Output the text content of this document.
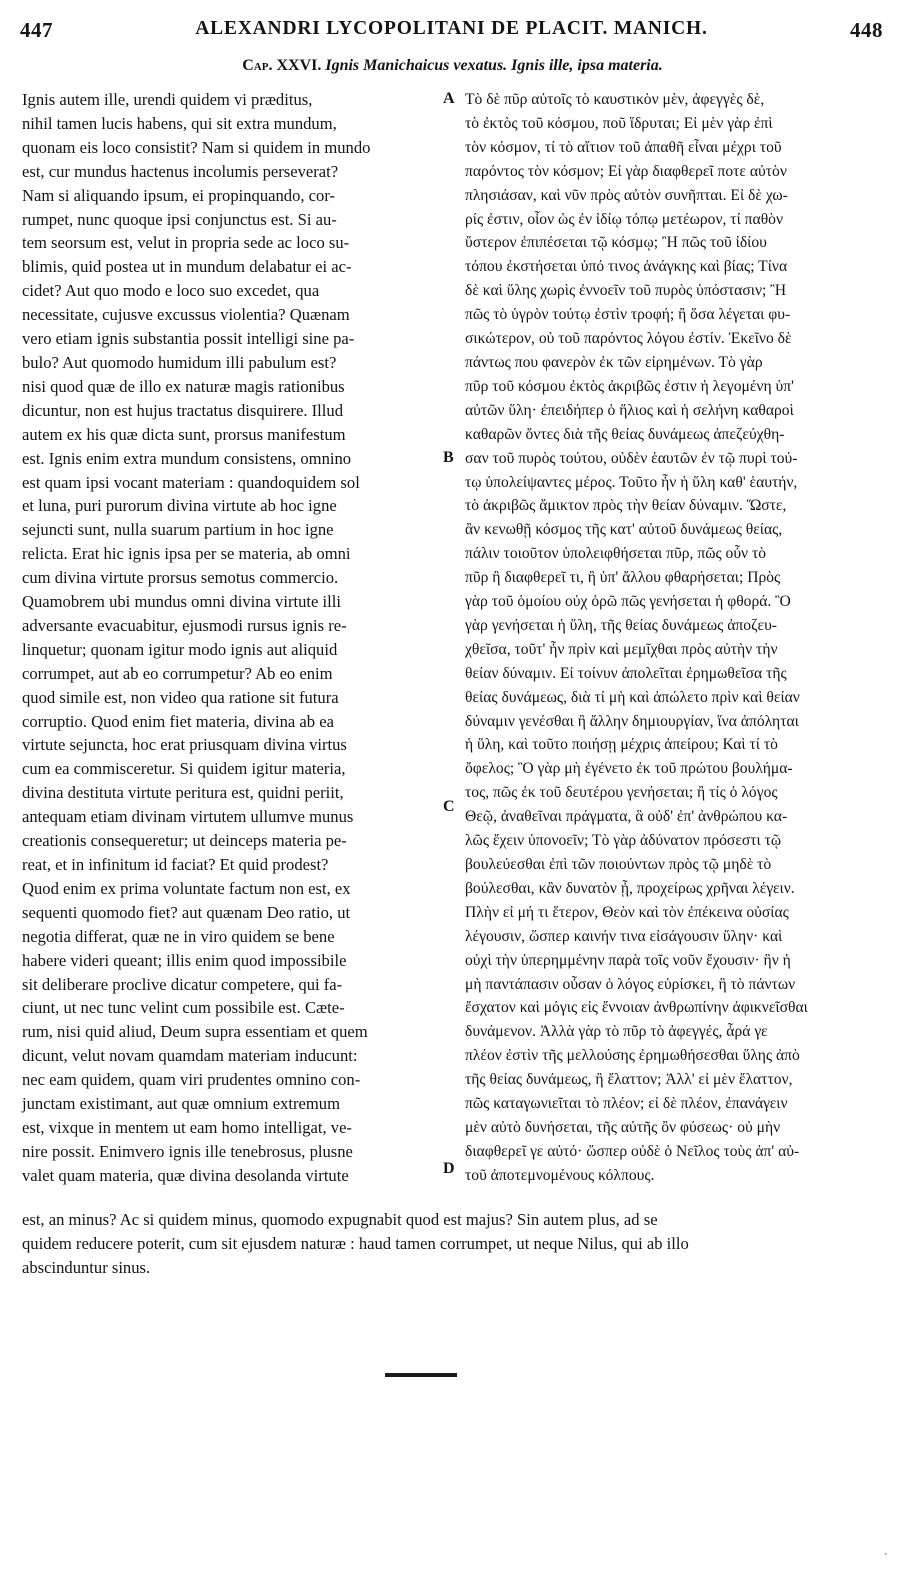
447	ALEXANDRI LYCOPOLITANI DE PLACIT. MANICH.	448
Cap. XXVI. Ignis Manichaicus vexatus. Ignis ille, ipsa materia.
Ignis autem ille, urendi quidem vi præditus,
nihil tamen lucis habens, qui sit extra mundum,
quonam eis loco consistit? Nam si quidem in mundo
est, cur mundus hactenus incolumis perseverat?
Nam si aliquando ipsum, ei propinquando, cor-
rumpet, nunc quoque ipsi conjunctus est. Si au-
tem seorsum est, velut in propria sede ac loco su-
blimis, quid postea ut in mundum delabatur ei ac-
cidet? Aut quo modo e loco suo excedet, qua
necessitate, cujusve excussus violentia? Quænam
vero etiam ignis substantia possit intelligi sine pa-
bulo? Aut quomodo humidum illi pabulum est?
nisi quod quæ de illo ex naturæ magis rationibus
dicuntur, non est hujus tractatus disquirere. Illud
autem ex his quæ dicta sunt, prorsus manifestum
est. Ignis enim extra mundum consistens, omnino
est quam ipsi vocant materiam : quandoquidem sol
et luna, puri purorum divina virtute ab hoc igne
sejuncti sunt, nulla suarum partium in hoc igne
relicta. Erat hic ignis ipsa per se materia, ab omni
cum divina virtute prorsus semotus commercio.
Quamobrem ubi mundus omni divina virtute illi
adversante evacuabitur, ejusmodi rursus ignis re-
linquetur; quonam igitur modo ignis aut aliquid
corrumpet, aut ab eo corrumpetur? Ab eo enim
quod simile est, non video qua ratione sit futura
corruptio. Quod enim fiet materia, divina ab ea
virtute sejuncta, hoc erat priusquam divina virtus
cum ea commisceretur. Si quidem igitur materia,
divina destituta virtute peritura est, quidni periit,
antequam etiam divinam virtutem ullumve munus
creationis consequeretur; ut deinceps materia pe-
reat, et in infinitum id faciat? Et quid prodest?
Quod enim ex prima voluntate factum non est, ex
sequenti quomodo fiet? aut quænam Deo ratio, ut
negotia differat, quæ ne in viro quidem se bene
habere videri queant; illis enim quod impossibile
sit deliberare proclive dicatur competere, qui fa-
ciunt, ut nec tunc velint cum possibile est. Cæte-
rum, nisi quid aliud, Deum supra essentiam et quem
dicunt, velut novam quamdam materiam inducunt:
nec eam quidem, quam viri prudentes omnino con-
junctam existimant, aut quæ omnium extremum
est, vixque in mentem ut eam homo intelligat, ve-
nire possit. Enimvero ignis ille tenebrosus, plusne
valet quam materia, quæ divina desolanda virtute
Τὸ δὲ πῦρ αὐτοῖς τὸ καυστικὸν μὲν, ἀφεγγὲς δὲ,
τὸ ἐκτὸς τοῦ κόσμου, ποῦ ἵδρυται; Εἰ μὲν γὰρ ἐπὶ
τὸν κόσμον, τί τὸ αἴτιον τοῦ ἀπαθῆ εἶναι μέχρι τοῦ
παρόντος τὸν κόσμον; Εἰ γὰρ διαφθερεῖ ποτε αὐτὸν
πλησιάσαν, καὶ νῦν πρὸς αὐτὸν συνῆπται. Εἰ δὲ χω-
ρίς ἐστιν, οἷον ὡς ἐν ἰδίῳ τόπῳ μετέωρον, τί παθὸν
ὕστερον ἐπιπέσεται τῷ κόσμῳ; Ἢ πῶς τοῦ ἰδίου
τόπου ἐκστήσεται ὑπό τινος ἀνάγκης καὶ βίας; Τίνα
δὲ καὶ ὕλης χωρὶς ἐννοεῖν τοῦ πυρὸς ὑπόστασιν; Ἢ
πῶς τὸ ὑγρὸν τούτῳ ἐστὶν τροφή; ἢ ὅσα λέγεται φυ-
σικώτερον, οὐ τοῦ παρόντος λόγου ἐστίν. Ἐκεῖνο δὲ
πάντως που φανερὸν ἐκ τῶν εἰρημένων. Τὸ γὰρ
πῦρ τοῦ κόσμου ἐκτὸς ἀκριβῶς ἐστιν ἡ λεγομένη ὑπ'
αὐτῶν ὕλη· ἐπειδήπερ ὁ ἥλιος καὶ ἡ σελήνη καθαροὶ
καθαρῶν ὄντες διὰ τῆς θείας δυνάμεως ἀπεζεύχθη-
σαν τοῦ πυρὸς τούτου, οὐδὲν ἑαυτῶν ἐν τῷ πυρὶ τού-
τῳ ὑπολείψαντες μέρος. Τοῦτο ἦν ἡ ὕλη καθ' ἑαυτήν,
τὸ ἀκριβῶς ἄμικτον πρὸς τὴν θείαν δύναμιν. Ὥστε,
ἂν κενωθῇ κόσμος τῆς κατ' αὐτοῦ δυνάμεως θείας,
πάλιν τοιοῦτον ὑπολειφθήσεται πῦρ, πῶς οὖν τὸ
πῦρ ἢ διαφθερεῖ τι, ἢ ὑπ' ἄλλου φθαρήσεται; Πρὸς
γὰρ τοῦ ὁμοίου οὐχ ὁρῶ πῶς γενήσεται ἡ φθορά. Ὃ
γὰρ γενήσεται ἡ ὕλη, τῆς θείας δυνάμεως ἀποζευ-
χθεῖσα, τοῦτ' ἦν πρὶν καὶ μεμῖχθαι πρὸς αὐτὴν τὴν
θείαν δύναμιν. Εἰ τοίνυν ἀπολεῖται ἐρημωθεῖσα τῆς
θείας δυνάμεως, διὰ τί μὴ καὶ ἀπώλετο πρὶν καὶ θείαν
δύναμιν γενέσθαι ἢ ἄλλην δημιουργίαν, ἵνα ἀπόληται
ἡ ὕλη, καὶ τοῦτο ποιήσῃ μέχρις ἀπείρου; Καὶ τί τὸ
ὄφελος; Ὃ γὰρ μὴ ἐγένετο ἐκ τοῦ πρώτου βουλήμα-
τος, πῶς ἐκ τοῦ δευτέρου γενήσεται; ἢ τίς ὁ λόγος
Θεῷ, ἀναθεῖναι πράγματα, ἃ οὐδ' ἐπ' ἀνθρώπου κα-
λῶς ἔχειν ὑπονοεῖν; Τὸ γὰρ ἀδύνατον πρόσεστι τῷ
βουλεύεσθαι ἐπὶ τῶν ποιούντων πρὸς τῷ μηδὲ τὸ
βούλεσθαι, κἂν δυνατὸν ᾖ, προχείρως χρῆναι λέγειν.
Πλὴν εἰ μή τι ἕτερον, Θεὸν καὶ τὸν ἐπέκεινα οὐσίας
λέγουσιν, ὥσπερ καινήν τινα εἰσάγουσιν ὕλην· καὶ
οὐχὶ τὴν ὑπερημμένην παρὰ τοῖς νοῦν ἔχουσιν· ἣν ἡ
μὴ παντάπασιν οὖσαν ὁ λόγος εὑρίσκει, ἣ τὸ πάντων
ἔσχατον καὶ μόγις εἰς ἔννοιαν ἀνθρωπίνην ἀφικνεῖσθαι
δυνάμενον. Ἀλλὰ γὰρ τὸ πῦρ τὸ ἀφεγγές, ἆρά γε
πλέον ἐστὶν τῆς μελλούσης ἐρημωθήσεσθαι ὕλης ἀπὸ
τῆς θείας δυνάμεως, ἢ ἔλαττον; Ἀλλ' εἰ μὲν ἔλαττον,
πῶς καταγωνιεῖται τὸ πλέον; εἰ δὲ πλέον, ἐπανάγειν
μὲν αὐτὸ δυνήσεται, τῆς αὐτῆς ὂν φύσεως· οὐ μὴν
διαφθερεῖ γε αὐτό· ὥσπερ οὐδὲ ὁ Νεῖλος τοὺς ἀπ' αὐ-
τοῦ ἀποτεμνομένους κόλπους.
A
B
C
D
est, an minus? Ac si quidem minus, quomodo expugnabit quod est majus? Sin autem plus, ad se
quidem reducere poterit, cum sit ejusdem naturæ : haud tamen corrumpet, ut neque Nilus, qui ab illo
abscinduntur sinus.
'
